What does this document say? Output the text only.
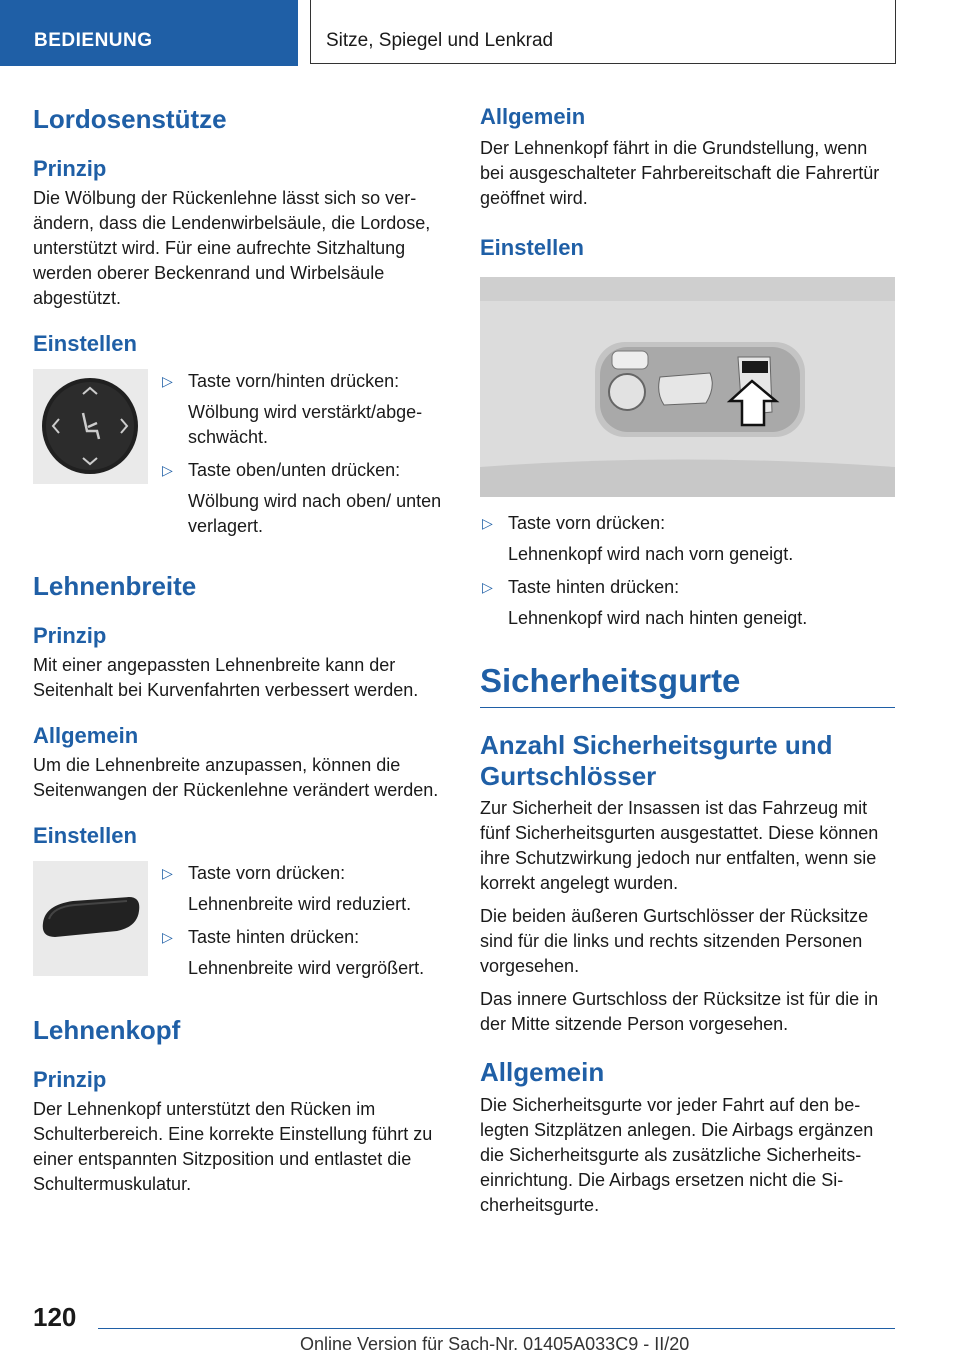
BEDIENUNG	Sitze, Spiegel und Lenkrad
Lordosenstütze
Prinzip

Die Wölbung der Rückenlehne lässt sich so verändern, dass die Lendenwirbelsäule, die Lordose, unterstützt wird. Für eine aufrechte Sitzhaltung werden oberer Beckenrand und Wirbelsäule abgestützt.

Einstellen
▷ Taste vorn/hinten drücken:
Wölbung wird verstärkt/abgeschwächt.
▷ Taste oben/unten drücken:
Wölbung wird nach oben/ unten verlagert.
Lehnenbreite
Prinzip

Mit einer angepassten Lehnenbreite kann der Seitenhalt bei Kurvenfahrten verbessert werden.

Allgemein

Um die Lehnenbreite anzupassen, können die Seitenwangen der Rückenlehne verändert werden.

Einstellen
▷ Taste vorn drücken:
Lehnenbreite wird reduziert.
▷ Taste hinten drücken:
Lehnenbreite wird vergrößert.
Lehnenkopf
Prinzip

Der Lehnenkopf unterstützt den Rücken im Schulterbereich. Eine korrekte Einstellung führt zu einer entspannten Sitzposition und entlastet die Schultermuskulatur.

Allgemein

Der Lehnenkopf fährt in die Grundstellung, wenn bei ausgeschalteter Fahrbereitschaft die Fahrertür geöffnet wird.

Einstellen
▷ Taste vorn drücken:
Lehnenkopf wird nach vorn geneigt.
▷ Taste hinten drücken:
Lehnenkopf wird nach hinten geneigt.
Sicherheitsgurte
Anzahl Sicherheitsgurte und Gurtschlösser

Zur Sicherheit der Insassen ist das Fahrzeug mit fünf Sicherheitsgurten ausgestattet. Diese können ihre Schutzwirkung jedoch nur entfalten, wenn sie korrekt angelegt wurden.

Die beiden äußeren Gurtschlösser der Rücksitze sind für die links und rechts sitzenden Personen vorgesehen.

Das innere Gurtschloss der Rücksitze ist für die in der Mitte sitzende Person vorgesehen.

Allgemein

Die Sicherheitsgurte vor jeder Fahrt auf den belegten Sitzplätzen anlegen. Die Airbags ergänzen die Sicherheitsgurte als zusätzliche Sicherheitseinrichtung. Die Airbags ersetzen nicht die Sicherheitsgurte.

120
Online Version für Sach-Nr. 01405A033C9 - II/20
